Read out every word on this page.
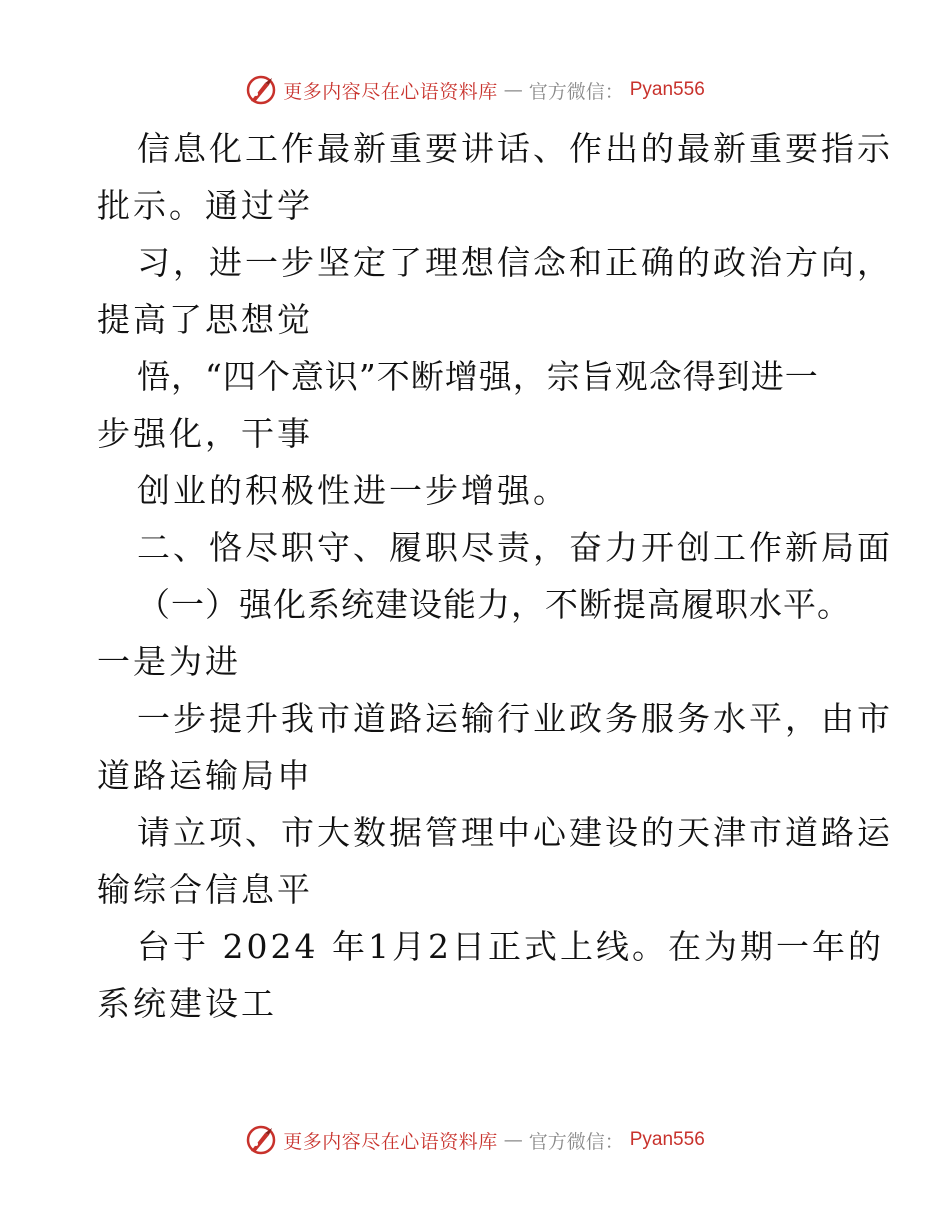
更多内容尽在心语资料库 — 官方微信： Pyan556
信息化工作最新重要讲话、作出的最新重要指示
批示。通过学
习，进一步坚定了理想信念和正确的政治方向，
提高了思想觉
悟，“四个意识”不断增强，宗旨观念得到进一
步强化，干事
创业的积极性进一步增强。
二、恪尽职守、履职尽责，奋力开创工作新局面
（一）强化系统建设能力，不断提高履职水平。
一是为进
一步提升我市道路运输行业政务服务水平，由市
道路运输局申
请立项、市大数据管理中心建设的天津市道路运
输综合信息平
台于 2024 年1月2日正式上线。在为期一年的
系统建设工
更多内容尽在心语资料库 — 官方微信： Pyan556
